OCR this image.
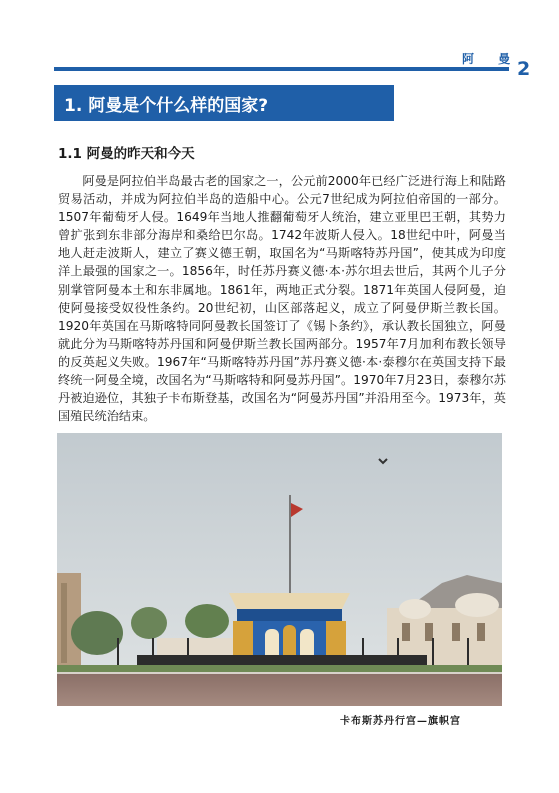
阿 曼
2
1. 阿曼是个什么样的国家?
1.1 阿曼的昨天和今天

阿曼是阿拉伯半岛最古老的国家之一，公元前2000年已经广泛进行海上和陆路贸易活动，并成为阿拉伯半岛的造船中心。公元7世纪成为阿拉伯帝国的一部分。1507年葡萄牙人侵。1649年当地人推翻葡萄牙人统治，建立亚里巴王朝，其势力曾扩张到东非部分海岸和桑给巴尔岛。1742年波斯人侵入。18世纪中叶，阿曼当地人赶走波斯人，建立了赛义德王朝，取国名为“马斯喀特苏丹国”，使其成为印度洋上最强的国家之一。1856年，时任苏丹赛义德·本·苏尔坦去世后，其两个儿子分别掌管阿曼本土和东非属地。1861年，两地正式分裂。1871年英国人侵阿曼，迫使阿曼接受奴役性条约。20世纪初，山区部落起义，成立了阿曼伊斯兰教长国。1920年英国在马斯喀特同阿曼教长国签订了《锡卜条约》，承认教长国独立，阿曼就此分为马斯喀特苏丹国和阿曼伊斯兰教长国两部分。1957年7月加利布教长领导的反英起义失败。1967年“马斯喀特苏丹国”苏丹赛义德·本·泰穆尔在英国支持下最终统一阿曼全境，改国名为“马斯喀特和阿曼苏丹国”。1970年7月23日，泰穆尔苏丹被迫逊位，其独子卡布斯登基，改国名为“阿曼苏丹国”并沿用至今。1973年，英国殖民统治结束。

卡布斯苏丹行宫—旗帜宫
